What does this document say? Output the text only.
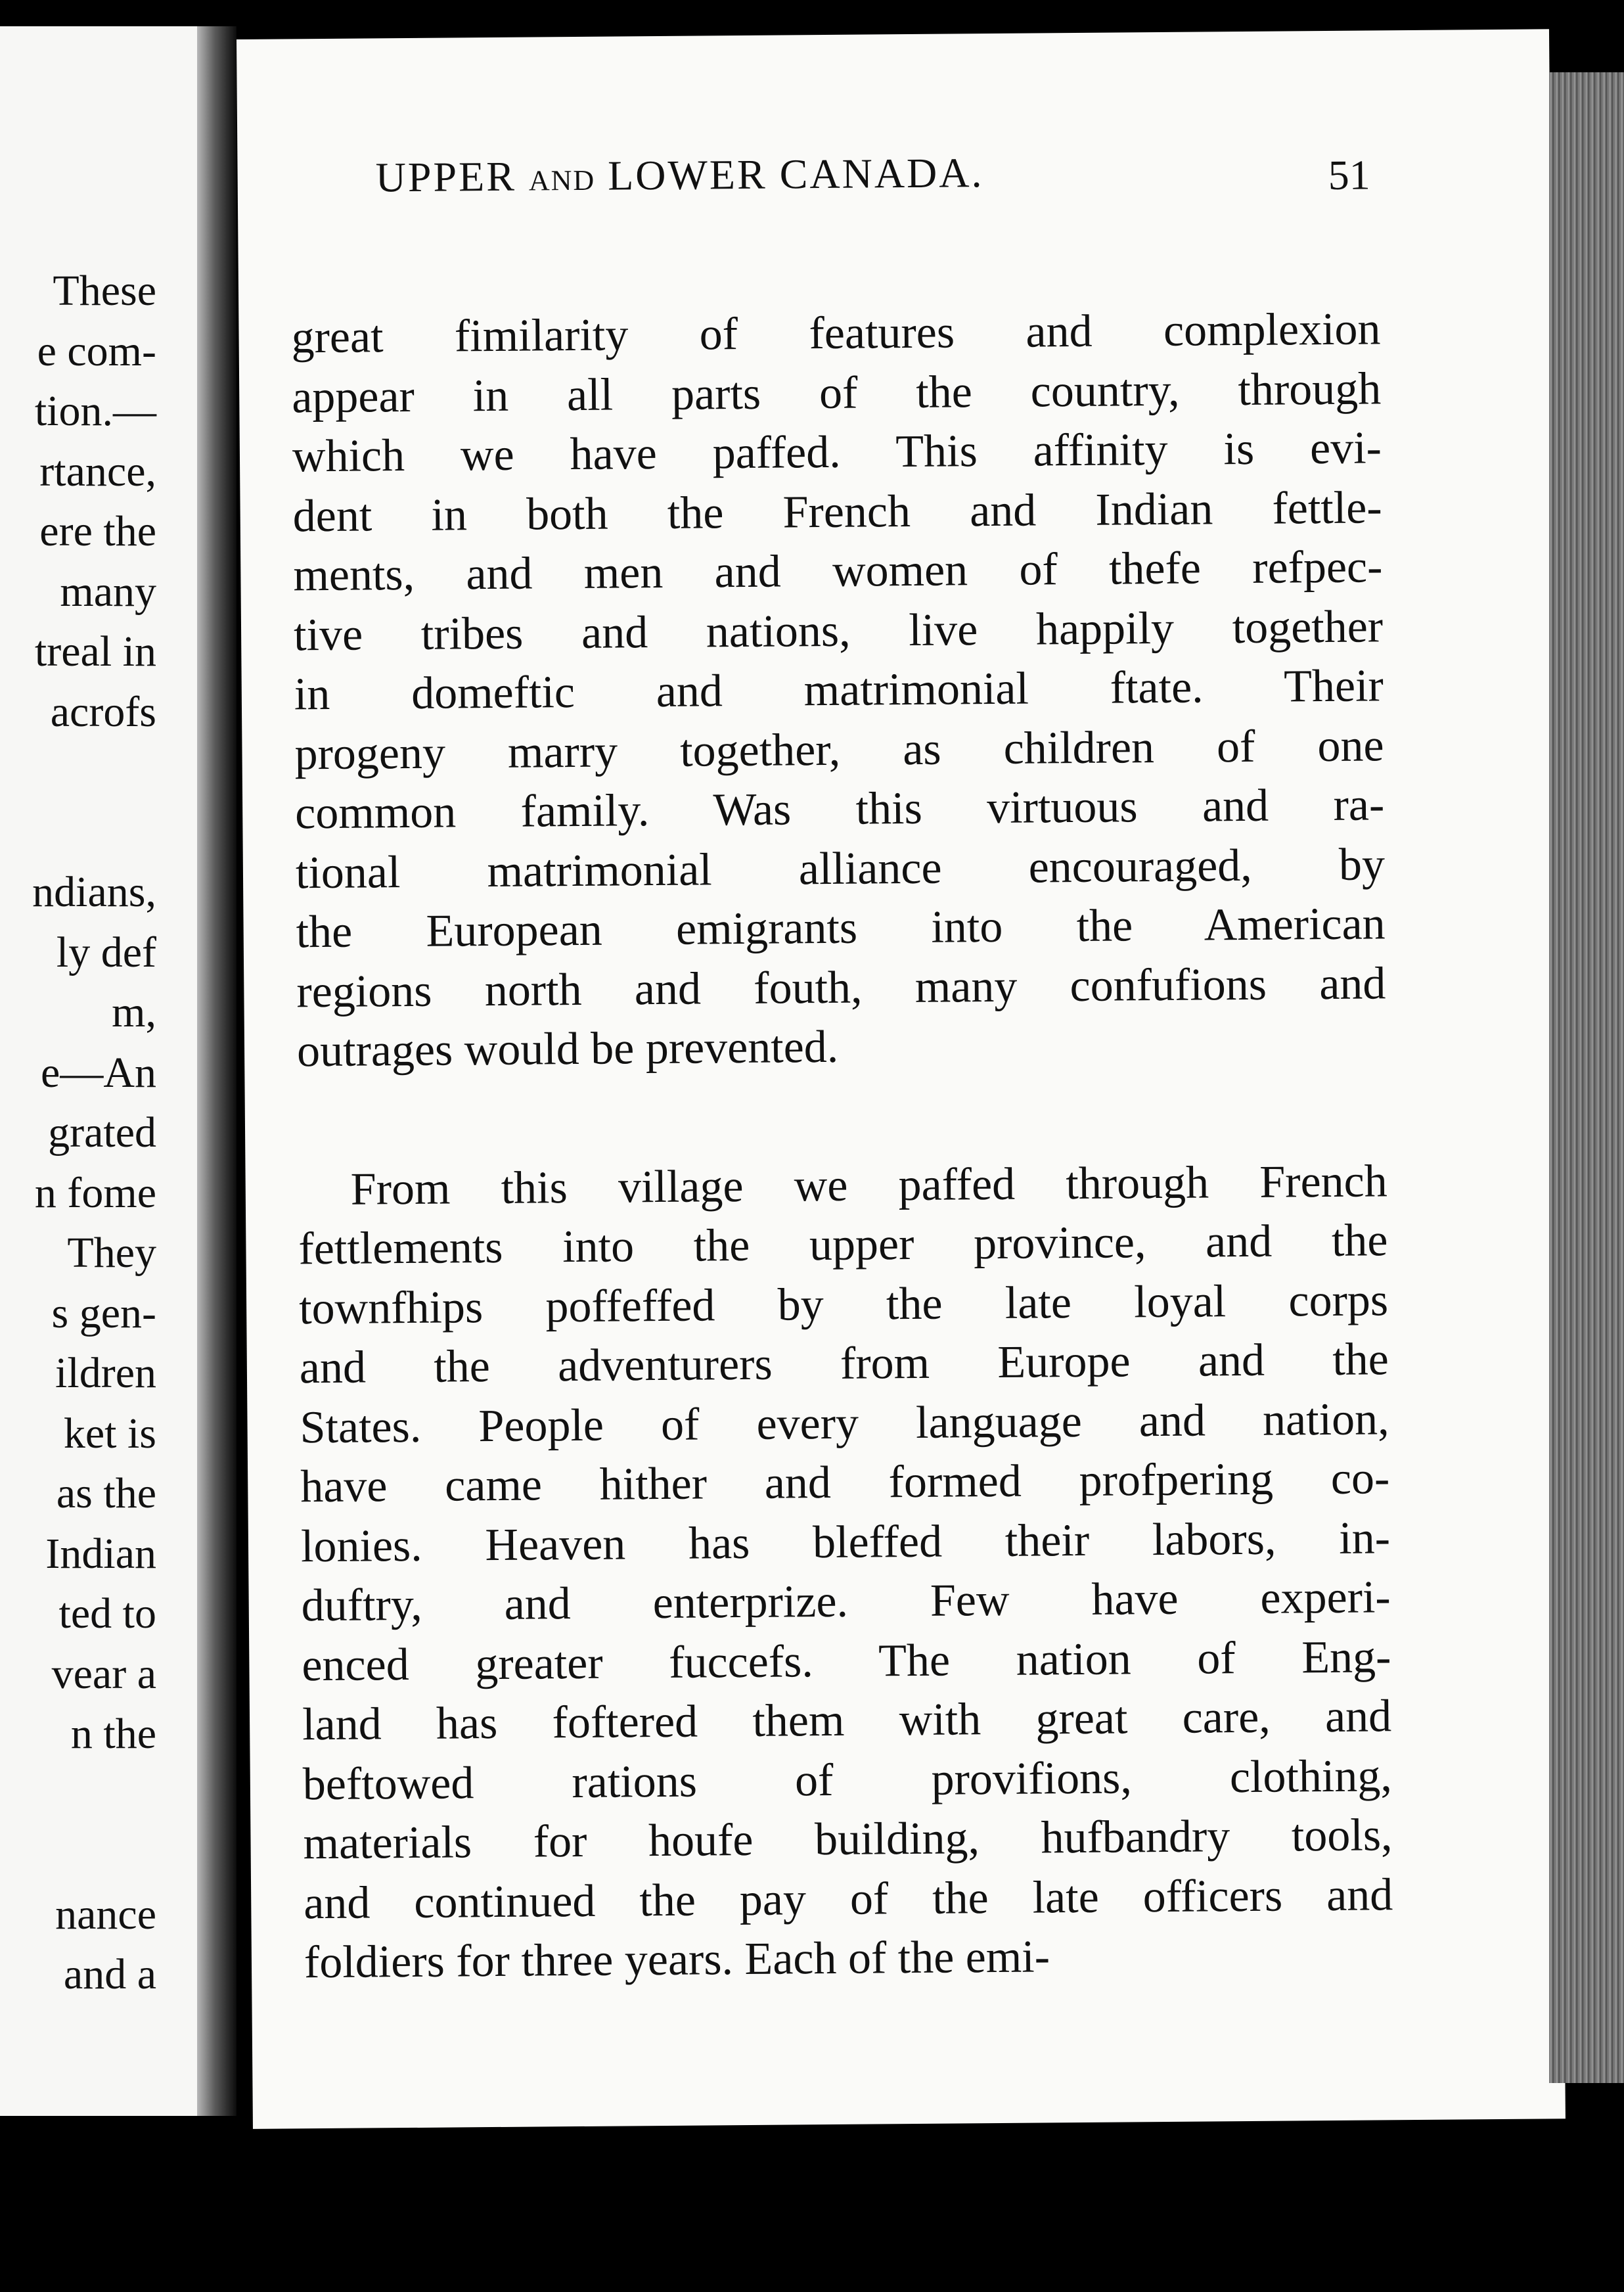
These
e com-
tion.—
rtance,
ere the
many
treal in
acrofs
ndians,
ly def
m,
e—An
grated
n fome
They
s gen-
ildren
ket is
as the
Indian
ted to
vear a
n the
nance
and a
UPPER AND LOWER CANADA.	51
great fimilarity of features and complexion
appear in all parts of the country, through
which we have paffed. This affinity is evi-
dent in both the French and Indian fettle-
ments, and men and women of thefe refpec-
tive tribes and nations, live happily together
in domeftic and matrimonial ftate. Their
progeny marry together, as children of one
common family. Was this virtuous and ra-
tional matrimonial alliance encouraged, by
the European emigrants into the American
regions north and fouth, many confufions and
outrages would be prevented.
From this village we paffed through French
fettlements into the upper province, and the
townfhips poffeffed by the late loyal corps
and the adventurers from Europe and the
States. People of every language and nation,
have came hither and formed profpering co-
lonies. Heaven has bleffed their labors, in-
duftry, and enterprize. Few have experi-
enced greater fuccefs. The nation of Eng-
land has foftered them with great care, and
beftowed rations of provifions, clothing,
materials for houfe building, hufbandry tools,
and continued the pay of the late officers and
foldiers for three years. Each of the emi-
